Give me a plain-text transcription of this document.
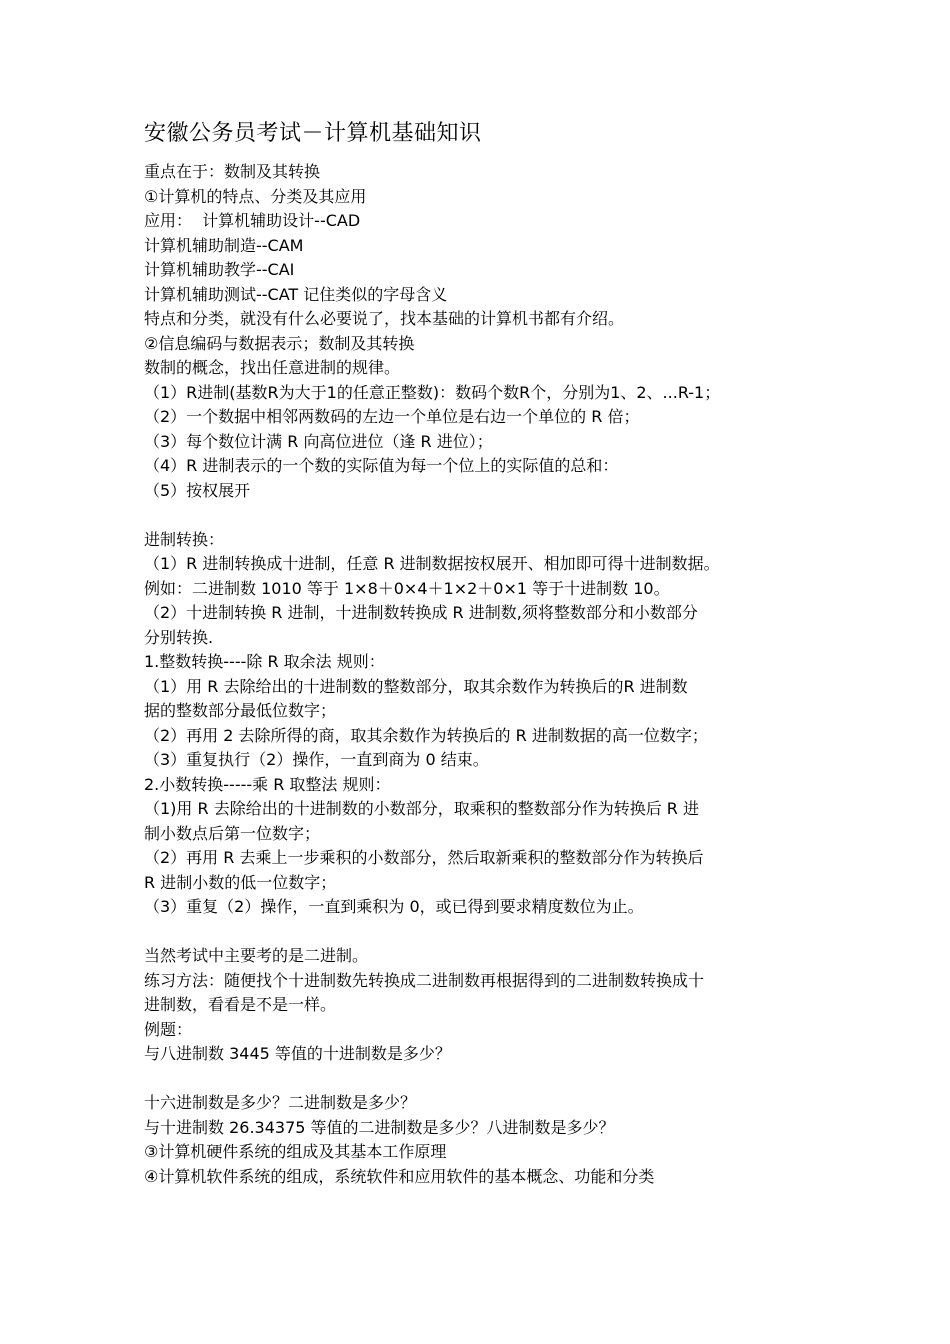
安徽公务员考试－计算机基础知识
重点在于：数制及其转换
①计算机的特点、分类及其应用
应用：  计算机辅助设计--CAD
计算机辅助制造--CAM
计算机辅助教学--CAI
计算机辅助测试--CAT 记住类似的字母含义
特点和分类，就没有什么必要说了，找本基础的计算机书都有介绍。
②信息编码与数据表示；数制及其转换
数制的概念，找出任意进制的规律。
（1）R进制(基数R为大于1的任意正整数)：数码个数R个，分别为1、2、...R-1；
（2）一个数据中相邻两数码的左边一个单位是右边一个单位的 R 倍；
（3）每个数位计满 R 向高位进位（逢 R 进位）；
（4）R 进制表示的一个数的实际值为每一个位上的实际值的总和：
（5）按权展开
进制转换：
（1）R 进制转换成十进制，任意 R 进制数据按权展开、相加即可得十进制数据。
例如：二进制数 1010 等于 1×8＋0×4＋1×2＋0×1 等于十进制数 10。
（2）十进制转换 R 进制，十进制数转换成 R 进制数,须将整数部分和小数部分
分别转换.
1.整数转换----除 R 取余法 规则：
（1）用 R 去除给出的十进制数的整数部分，取其余数作为转换后的R 进制数
据的整数部分最低位数字；
（2）再用 2 去除所得的商，取其余数作为转换后的 R 进制数据的高一位数字；
（3）重复执行（2）操作，一直到商为 0 结束。
2.小数转换-----乘 R 取整法 规则：
（1)用 R 去除给出的十进制数的小数部分，取乘积的整数部分作为转换后 R 进
制小数点后第一位数字；
（2）再用 R 去乘上一步乘积的小数部分，然后取新乘积的整数部分作为转换后
R 进制小数的低一位数字；
（3）重复（2）操作，一直到乘积为 0，或已得到要求精度数位为止。
当然考试中主要考的是二进制。
练习方法：随便找个十进制数先转换成二进制数再根据得到的二进制数转换成十
进制数，看看是不是一样。
例题：
与八进制数 3445 等值的十进制数是多少？
十六进制数是多少？二进制数是多少？
与十进制数 26.34375 等值的二进制数是多少？八进制数是多少？
③计算机硬件系统的组成及其基本工作原理
④计算机软件系统的组成，系统软件和应用软件的基本概念、功能和分类
